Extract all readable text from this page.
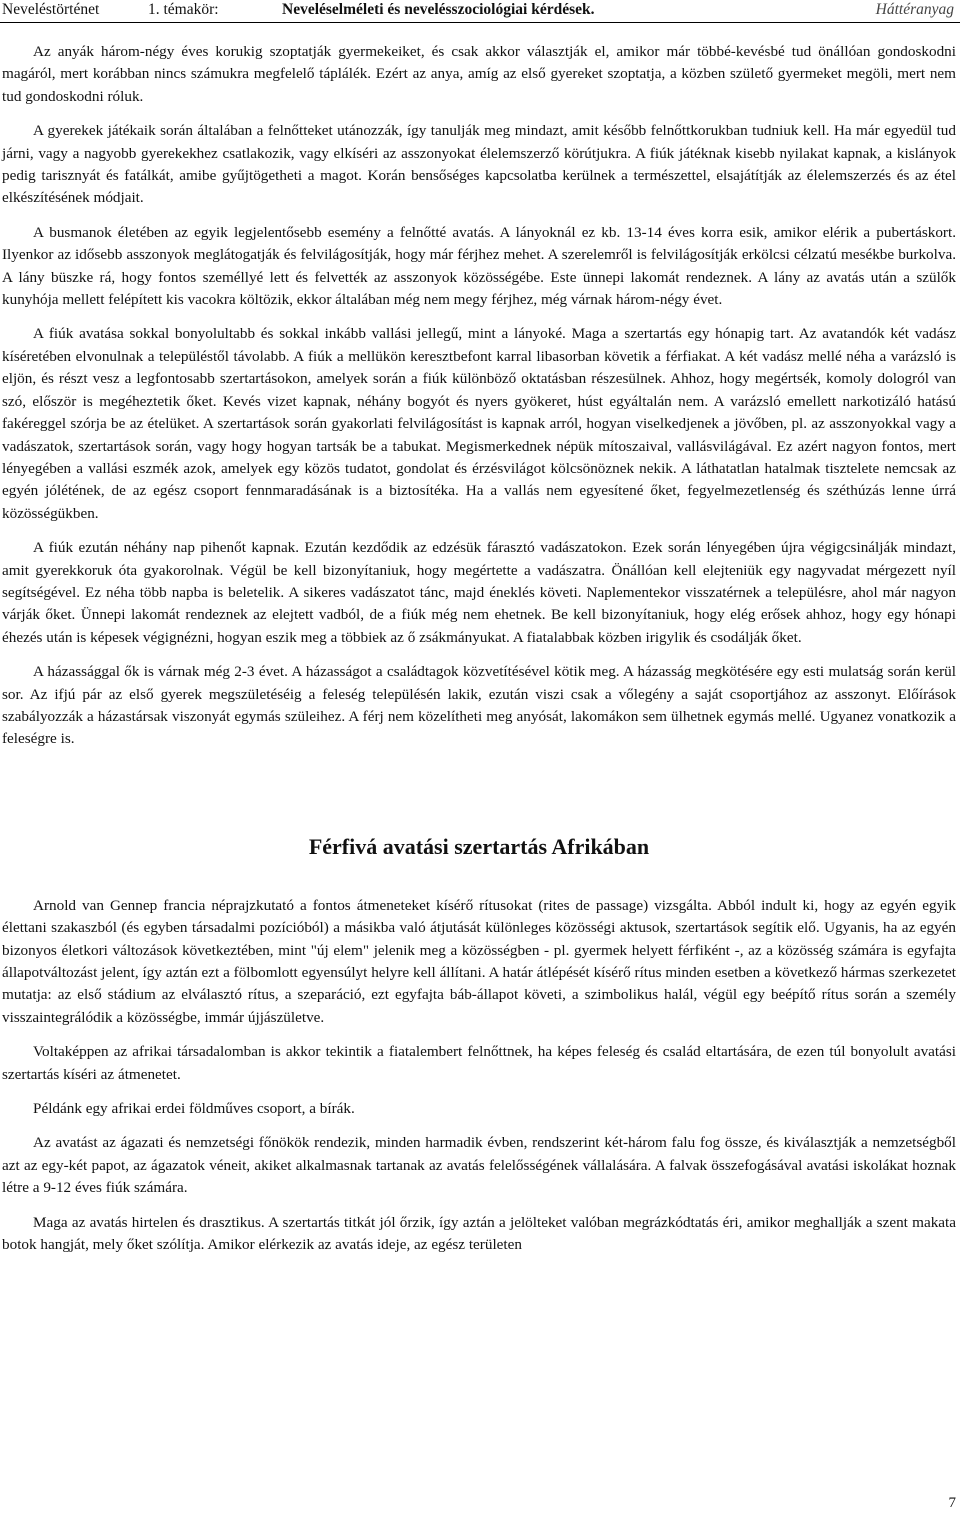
Neveléstörténet	1. témakör:	Neveléselméleti és nevelésszociológiai kérdések.	Háttéranyag

Az anyák három-négy éves korukig szoptatják gyermekeiket, és csak akkor választják el, amikor már többé-kevésbé tud önállóan gondoskodni magáról, mert korábban nincs számukra megfelelő táplálék. Ezért az anya, amíg az első gyereket szoptatja, a közben születő gyermeket megöli, mert nem tud gondoskodni róluk.

A gyerekek játékaik során általában a felnőtteket utánozzák, így tanulják meg mindazt, amit később felnőttkorukban tudniuk kell. Ha már egyedül tud járni, vagy a nagyobb gyerekekhez csatlakozik, vagy elkíséri az asszonyokat élelemszerző körútjukra. A fiúk játéknak kisebb nyilakat kapnak, a kislányok pedig tarisznyát és fatálkát, amibe gyűjtögetheti a magot. Korán bensőséges kapcsolatba kerülnek a természettel, elsajátítják az élelemszerzés és az étel elkészítésének módjait.

A busmanok életében az egyik legjelentősebb esemény a felnőtté avatás. A lányoknál ez kb. 13-14 éves korra esik, amikor elérik a pubertáskort. Ilyenkor az idősebb asszonyok meglátogatják és felvilágosítják, hogy már férjhez mehet. A szerelemről is felvilágosítják erkölcsi célzatú mesékbe burkolva. A lány büszke rá, hogy fontos személlyé lett és felvették az asszonyok közösségébe. Este ünnepi lakomát rendeznek. A lány az avatás után a szülők kunyhója mellett felépített kis vacokra költözik, ekkor általában még nem megy férjhez, még várnak három-négy évet.

A fiúk avatása sokkal bonyolultabb és sokkal inkább vallási jellegű, mint a lányoké. Maga a szertartás egy hónapig tart. Az avatandók két vadász kíséretében elvonulnak a településtől távolabb. A fiúk a mellükön keresztbefont karral libasorban követik a férfiakat. A két vadász mellé néha a varázsló is eljön, és részt vesz a legfontosabb szertartásokon, amelyek során a fiúk különböző oktatásban részesülnek. Ahhoz, hogy megértsék, komoly dologról van szó, először is megéheztetik őket. Kevés vizet kapnak, néhány bogyót és nyers gyökeret, húst egyáltalán nem. A varázsló emellett narkotizáló hatású fakéreggel szórja be az ételüket. A szertartások során gyakorlati felvilágosítást is kapnak arról, hogyan viselkedjenek a jövőben, pl. az asszonyokkal vagy a vadászatok, szertartások során, vagy hogy hogyan tartsák be a tabukat. Megismerkednek népük mítoszaival, vallásvilágával. Ez azért nagyon fontos, mert lényegében a vallási eszmék azok, amelyek egy közös tudatot, gondolat és érzésvilágot kölcsönöznek nekik. A láthatatlan hatalmak tisztelete nemcsak az egyén jólétének, de az egész csoport fennmaradásának is a biztosítéka. Ha a vallás nem egyesítené őket, fegyelmezetlenség és széthúzás lenne úrrá közösségükben.

A fiúk ezután néhány nap pihenőt kapnak. Ezután kezdődik az edzésük fárasztó vadászatokon. Ezek során lényegében újra végigcsinálják mindazt, amit gyerekkoruk óta gyakorolnak. Végül be kell bizonyítaniuk, hogy megértette a vadászatra. Önállóan kell elejteniük egy nagyvadat mérgezett nyíl segítségével. Ez néha több napba is beletelik. A sikeres vadászatot tánc, majd éneklés követi. Naplementekor visszatérnek a településre, ahol már nagyon várják őket. Ünnepi lakomát rendeznek az elejtett vadból, de a fiúk még nem ehetnek. Be kell bizonyítaniuk, hogy elég erősek ahhoz, hogy egy hónapi éhezés után is képesek végignézni, hogyan eszik meg a többiek az ő zsákmányukat. A fiatalabbak közben irigylik és csodálják őket.

A házassággal ők is várnak még 2-3 évet. A házasságot a családtagok közvetítésével kötik meg. A házasság megkötésére egy esti mulatság során kerül sor. Az ifjú pár az első gyerek megszületéséig a feleség településén lakik, ezután viszi csak a vőlegény a saját csoportjához az asszonyt. Előírások szabályozzák a házastársak viszonyát egymás szüleihez. A férj nem közelítheti meg anyósát, lakomákon sem ülhetnek egymás mellé. Ugyanez vonatkozik a feleségre is.

Férfivá avatási szertartás Afrikában

Arnold van Gennep francia néprajzkutató a fontos átmeneteket kísérő rítusokat (rites de passage) vizsgálta. Abból indult ki, hogy az egyén egyik élettani szakaszból (és egyben társadalmi pozícióból) a másikba való átjutását különleges közösségi aktusok, szertartások segítik elő. Ugyanis, ha az egyén bizonyos életkori változások következtében, mint "új elem" jelenik meg a közösségben - pl. gyermek helyett férfiként -, az a közösség számára is egyfajta állapotváltozást jelent, így aztán ezt a fölbomlott egyensúlyt helyre kell állítani. A határ átlépését kísérő rítus minden esetben a következő hármas szerkezetet mutatja: az első stádium az elválasztó rítus, a szeparáció, ezt egyfajta báb-állapot követi, a szimbolikus halál, végül egy beépítő rítus során a személy visszaintegrálódik a közösségbe, immár újjászületve.

Voltaképpen az afrikai társadalomban is akkor tekintik a fiatalembert felnőttnek, ha képes feleség és család eltartására, de ezen túl bonyolult avatási szertartás kíséri az átmenetet.

Példánk egy afrikai erdei földműves csoport, a bírák.

Az avatást az ágazati és nemzetségi főnökök rendezik, minden harmadik évben, rendszerint két-három falu fog össze, és kiválasztják a nemzetségből azt az egy-két papot, az ágazatok véneit, akiket alkalmasnak tartanak az avatás felelősségének vállalására. A falvak összefogásával avatási iskolákat hoznak létre a 9-12 éves fiúk számára.

Maga az avatás hirtelen és drasztikus. A szertartás titkát jól őrzik, így aztán a jelölteket valóban megrázkódtatás éri, amikor meghallják a szent makata botok hangját, mely őket szólítja. Amikor elérkezik az avatás ideje, az egész területen

7
